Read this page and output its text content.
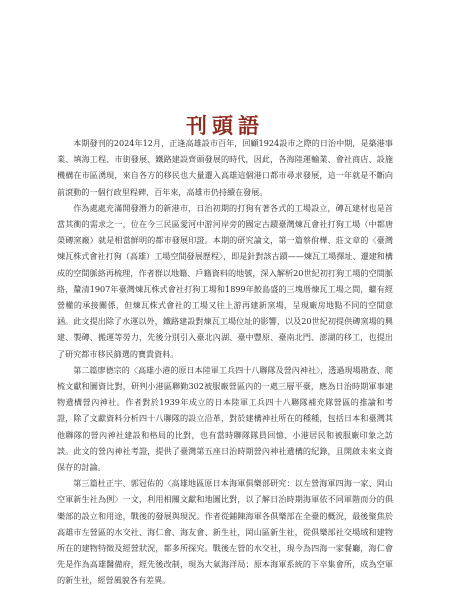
刊頭語

本期發刊的2024年12月，正逢高雄設市百年，回顧1924設市之際的日治中期，是築港事業、填海工程、市街發展、鐵路建設齊頭發展的時代，因此，各海陸運輸業、會社商店、設施機構在市區湧現，來自各方的移民也大量遷入高雄這個港口都市尋求發展，這一年就是不斷向前滾動的一個行政里程碑，百年來，高雄市仍持續在發展。

作為處處充滿開發潛力的新港市，日治初期的打狗有著各式的工場設立，磚瓦建材也是首當其衝的需求之一，位在今三民區愛河中游河岸旁的國定古蹟臺灣煉瓦會社打狗工場（中都唐榮磚窯廠）就是相當鮮明的都市發展印證。本期的研究論文，第一篇蔡佾樺、莊文章的〈臺灣煉瓦株式會社打狗（高雄）工場空間發展歷程〉，即是針對該古蹟——煉瓦工場擇址、遷建和構成的空間脈絡再梳理，作者群以地籍、戶籍資料的地號，深入解析20世紀初打狗工場的空間脈絡，釐清1907年臺灣煉瓦株式會社打狗工場和1899年鮫島盛的三塊厝煉瓦工場之間，繼有經營權的承接關係，但煉瓦株式會社的工場又往上游再建新窯場，呈現廠房地點不同的空間意涵。此文提出除了水運以外，鐵路建設對煉瓦工場位址的影響，以及20世紀初提供磚窯場的興建、製磚、搬運等勞力，先後分別引入臺北內湖、臺中豐原、臺南北門、澎湖的移工，也提出了研究都市移民篩選的寶貴資料。

第二篇廖德宗的〈高雄小港的原日本陸軍工兵四十八聯隊及營內神社〉，透過現場勘查、爬梳文獻和圖資比對，研判小港區聯勤302被服廠營區內的一處三層平臺，應為日治時期軍事建物遺構營內神社。作者對於1939年成立的日本陸軍工兵四十八聯隊補充隊營區的推論和考證，除了文獻資料分析四十八聯隊的設立沿革，對於建構神社所在的種種，包括日本和臺灣其他聯隊的營內神社建設和格局的比對，也有當時聯隊隊員回憶、小港居民和被服廠印象之訪談。此文的營內神社考證，提供了臺灣第五座日治時期營內神社遺構的紀錄，且開啟未來文資保存的討論。

第三篇杜正宇、郭冠佑的〈高雄地區原日本海軍俱樂部研究：以左營海軍四海一家、岡山空軍新生社為例〉一文，利用相關文獻和地圖比對，以了解日治時期海軍依不同軍階而分的俱樂部的設立和用途，戰後的發展與現況。作者從鋪陳海軍各俱樂部在全臺的概況，最後聚焦於高雄市左營區的水交社、海仁會、海友會、新生社，岡山區新生社，從俱樂部社交場域和建物所在的建物特徵及經營狀況，都多所探究。戰後左營的水交社，現今為四海一家餐廳，海仁會先是作為高雄醫備府，經先後改制，現為大氣海洋局；原本海軍系統的下卒集會所，成為空軍的新生社，經營風貌各有差異。
